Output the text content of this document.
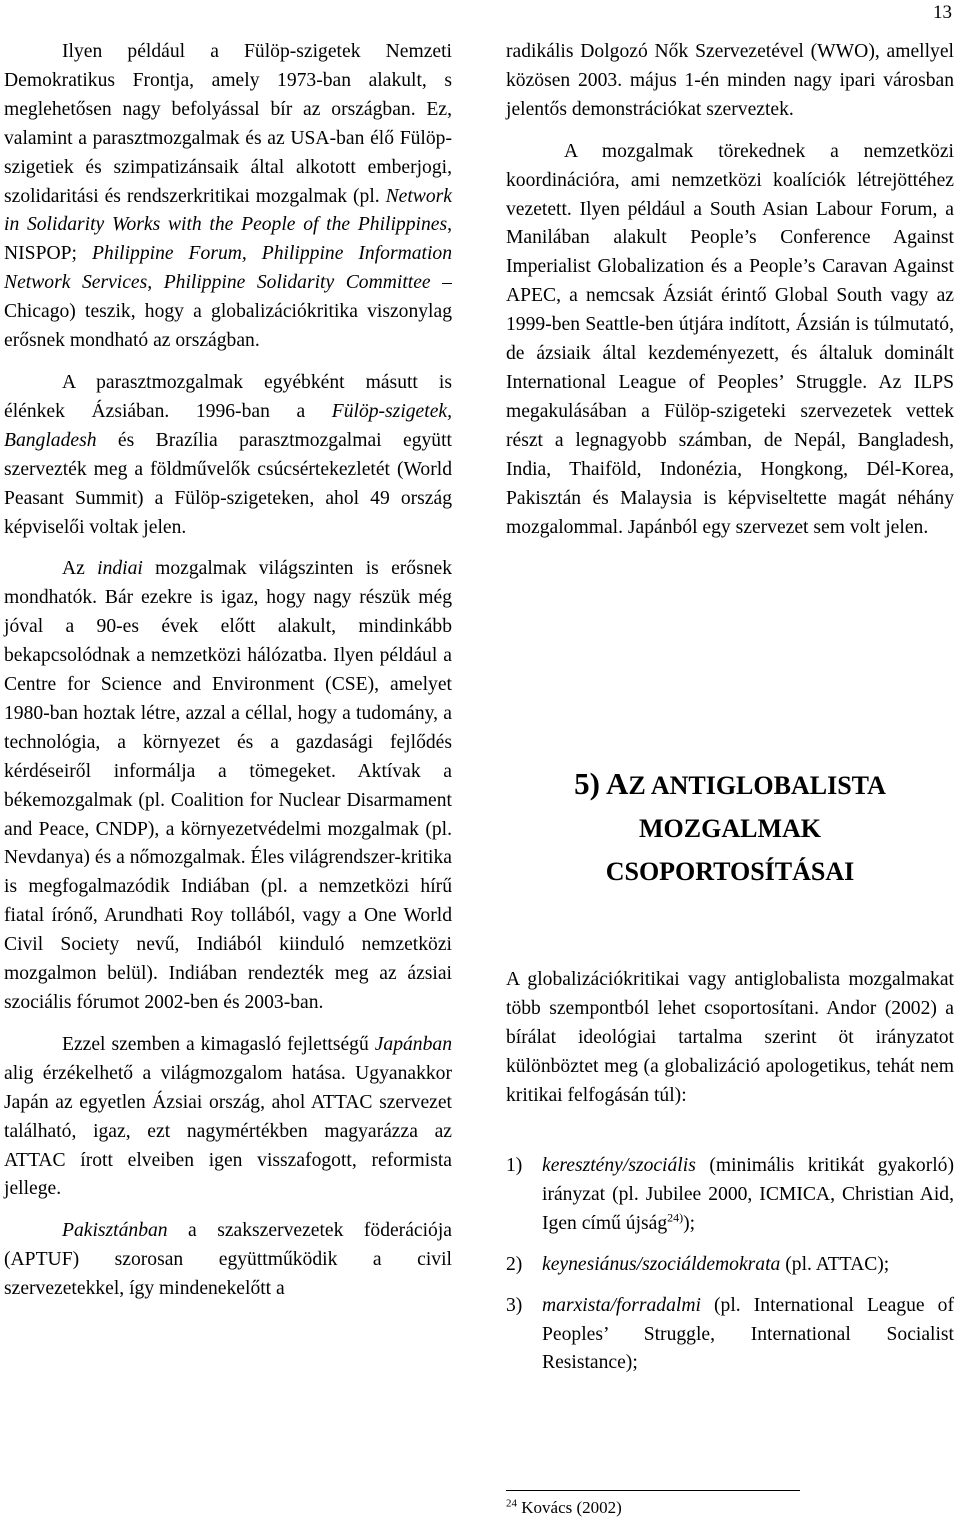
13

Ilyen például a Fülöp-szigetek Nemzeti Demokratikus Frontja, amely 1973-ban alakult, s meglehetősen nagy befolyással bír az országban. Ez, valamint a parasztmozgalmak és az USA-ban élő Fülöp-szigetiek és szimpatizánsaik által alkotott emberjogi, szolidaritási és rendszerkritikai mozgalmak (pl. Network in Solidarity Works with the People of the Philippines, NISPOP; Philippine Forum, Philippine Information Network Services, Philippine Solidarity Committee – Chicago) teszik, hogy a globalizációkritika viszonylag erősnek mondható az országban.

A parasztmozgalmak egyébként másutt is élénkek Ázsiában. 1996-ban a Fülöp-szigetek, Bangladesh és Brazília parasztmozgalmai együtt szervezték meg a földművelők csúcsértekezletét (World Peasant Summit) a Fülöp-szigeteken, ahol 49 ország képviselői voltak jelen.

Az indiai mozgalmak világszinten is erősnek mondhatók. Bár ezekre is igaz, hogy nagy részük még jóval a 90-es évek előtt alakult, mindinkább bekapcsolódnak a nemzetközi hálózatba. Ilyen például a Centre for Science and Environment (CSE), amelyet 1980-ban hoztak létre, azzal a céllal, hogy a tudomány, a technológia, a környezet és a gazdasági fejlődés kérdéseiről informálja a tömegeket. Aktívak a békemozgalmak (pl. Coalition for Nuclear Disarmament and Peace, CNDP), a környezetvédelmi mozgalmak (pl. Nevdanya) és a nőmozgalmak. Éles világrendszer-kritika is megfogalmazódik Indiában (pl. a nemzetközi hírű fiatal írónő, Arundhati Roy tollából, vagy a One World Civil Society nevű, Indiából kiinduló nemzetközi mozgalmon belül). Indiában rendezték meg az ázsiai szociális fórumot 2002-ben és 2003-ban.

Ezzel szemben a kimagasló fejlettségű Japánban alig érzékelhető a világmozgalom hatása. Ugyanakkor Japán az egyetlen Ázsiai ország, ahol ATTAC szervezet található, igaz, ezt nagymértékben magyarázza az ATTAC írott elveiben igen visszafogott, reformista jellege.

Pakisztánban a szakszervezetek föderációja (APTUF) szorosan együttműködik a civil szervezetekkel, így mindenekelőtt a

radikális Dolgozó Nők Szervezetével (WWO), amellyel közösen 2003. május 1-én minden nagy ipari városban jelentős demonstrációkat szerveztek.

A mozgalmak törekednek a nemzetközi koordinációra, ami nemzetközi koalíciók létrejöttéhez vezetett. Ilyen például a South Asian Labour Forum, a Manilában alakult People’s Conference Against Imperialist Globalization és a People’s Caravan Against APEC, a nemcsak Ázsiát érintő Global South vagy az 1999-ben Seattle-ben útjára indított, Ázsián is túlmutató, de ázsiaik által kezdeményezett, és általuk dominált International League of Peoples’ Struggle. Az ILPS megakulásában a Fülöp-szigeteki szervezetek vettek részt a legnagyobb számban, de Nepál, Bangladesh, India, Thaiföld, Indonézia, Hongkong, Dél-Korea, Pakisztán és Malaysia is képviseltette magát néhány mozgalommal. Japánból egy szervezet sem volt jelen.

5) AZ ANTIGLOBALISTA
MOZGALMAK
CSOPORTOSÍTÁSAI

A globalizációkritikai vagy antiglobalista mozgalmakat több szempontból lehet csoportosítani. Andor (2002) a bírálat ideológiai tartalma szerint öt irányzatot különböztet meg (a globalizáció apologetikus, tehát nem kritikai felfogásán túl):

1) keresztény/szociális (minimális kritikát gyakorló) irányzat (pl. Jubilee 2000, ICMICA, Christian Aid, Igen című újság$^{24)}$);
2) keynesiánus/szociáldemokrata (pl. ATTAC);
3) marxista/forradalmi (pl. International League of Peoples’ Struggle, International Socialist Resistance);
$^{24}$ Kovács (2002)
